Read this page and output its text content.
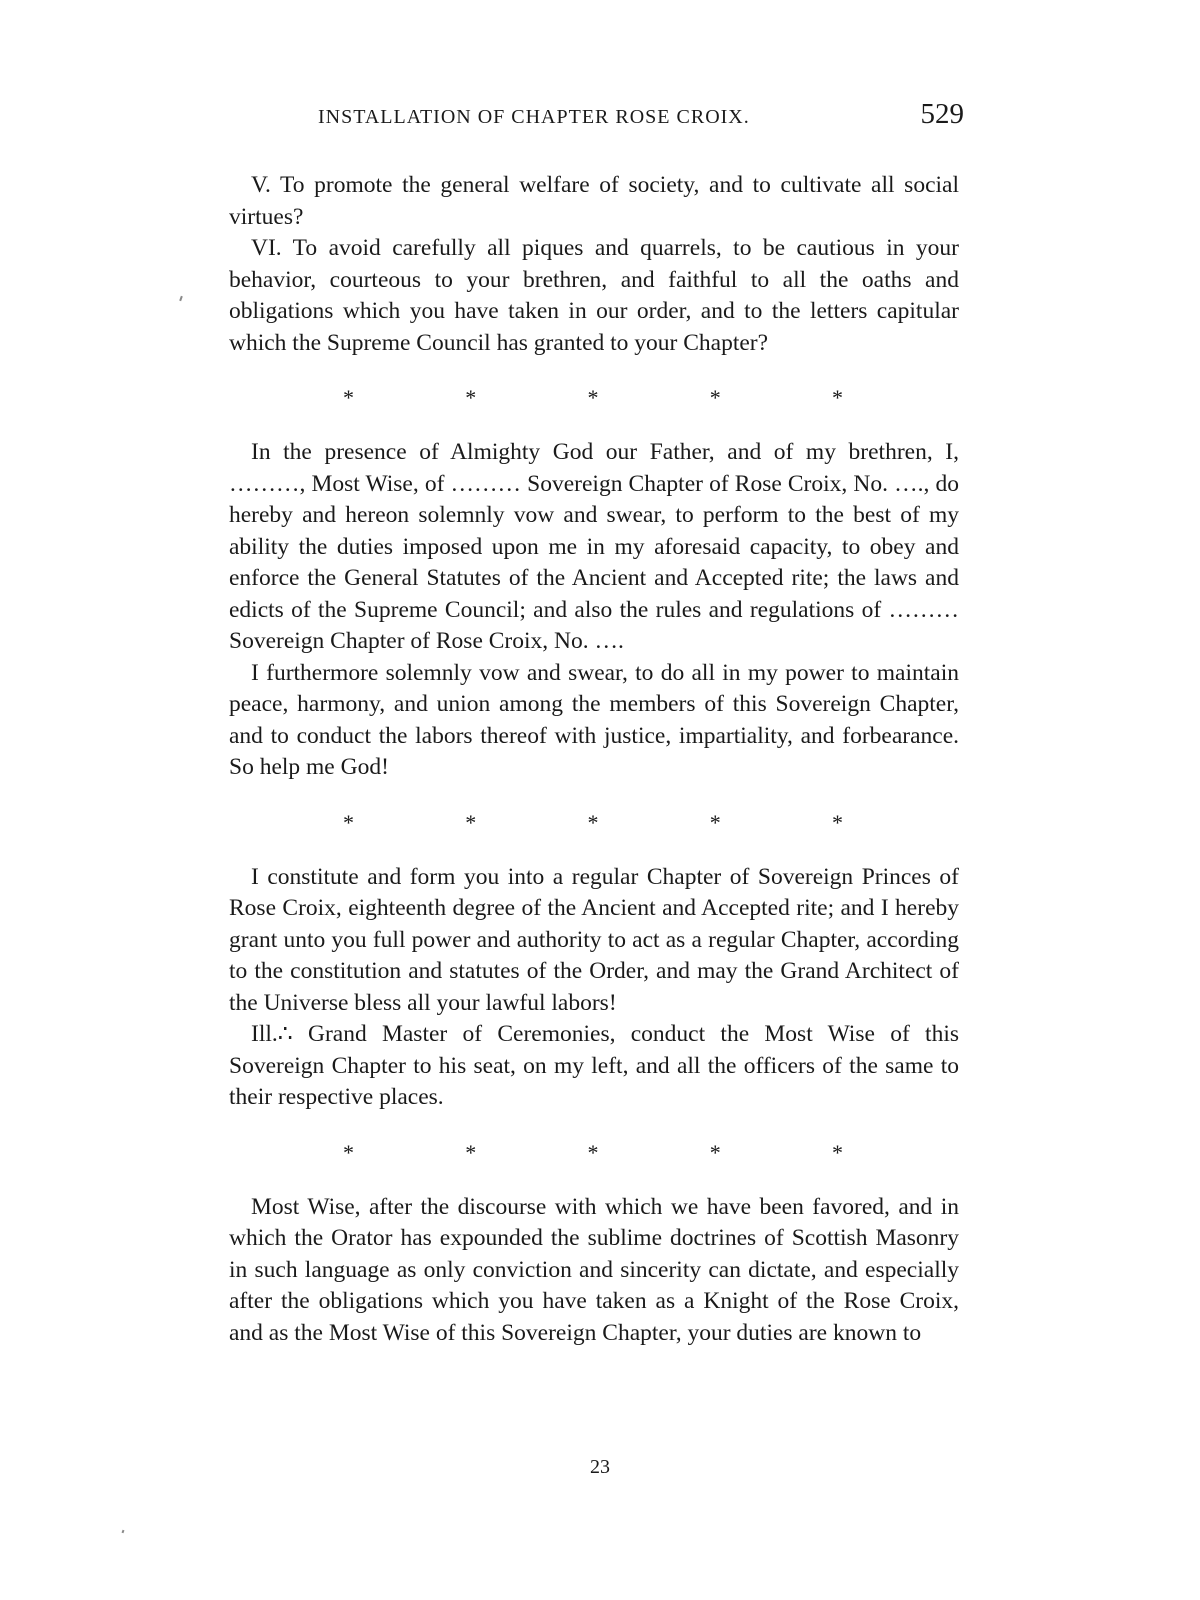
INSTALLATION OF CHAPTER ROSE CROIX.	529

V. To promote the general welfare of society, and to cultivate all social virtues?

VI. To avoid carefully all piques and quarrels, to be cautious in your behavior, courteous to your brethren, and faithful to all the oaths and obligations which you have taken in our order, and to the letters capitular which the Supreme Council has granted to your Chapter?

*	*	*	*	*

In the presence of Almighty God our Father, and of my brethren, I, ………, Most Wise, of ……… Sovereign Chapter of Rose Croix, No. …., do hereby and hereon solemnly vow and swear, to perform to the best of my ability the duties imposed upon me in my aforesaid capacity, to obey and enforce the General Statutes of the Ancient and Accepted rite; the laws and edicts of the Supreme Council; and also the rules and regulations of ……… Sovereign Chapter of Rose Croix, No. ….

I furthermore solemnly vow and swear, to do all in my power to maintain peace, harmony, and union among the members of this Sovereign Chapter, and to conduct the labors thereof with justice, impartiality, and forbearance. So help me God!

*	*	*	*	*

I constitute and form you into a regular Chapter of Sovereign Princes of Rose Croix, eighteenth degree of the Ancient and Accepted rite; and I hereby grant unto you full power and authority to act as a regular Chapter, according to the constitution and statutes of the Order, and may the Grand Architect of the Universe bless all your lawful labors!

Ill.∴ Grand Master of Ceremonies, conduct the Most Wise of this Sovereign Chapter to his seat, on my left, and all the officers of the same to their respective places.

*	*	*	*	*

Most Wise, after the discourse with which we have been favored, and in which the Orator has expounded the sublime doctrines of Scottish Masonry in such language as only conviction and sincerity can dictate, and especially after the obligations which you have taken as a Knight of the Rose Croix, and as the Most Wise of this Sovereign Chapter, your duties are known to

23
